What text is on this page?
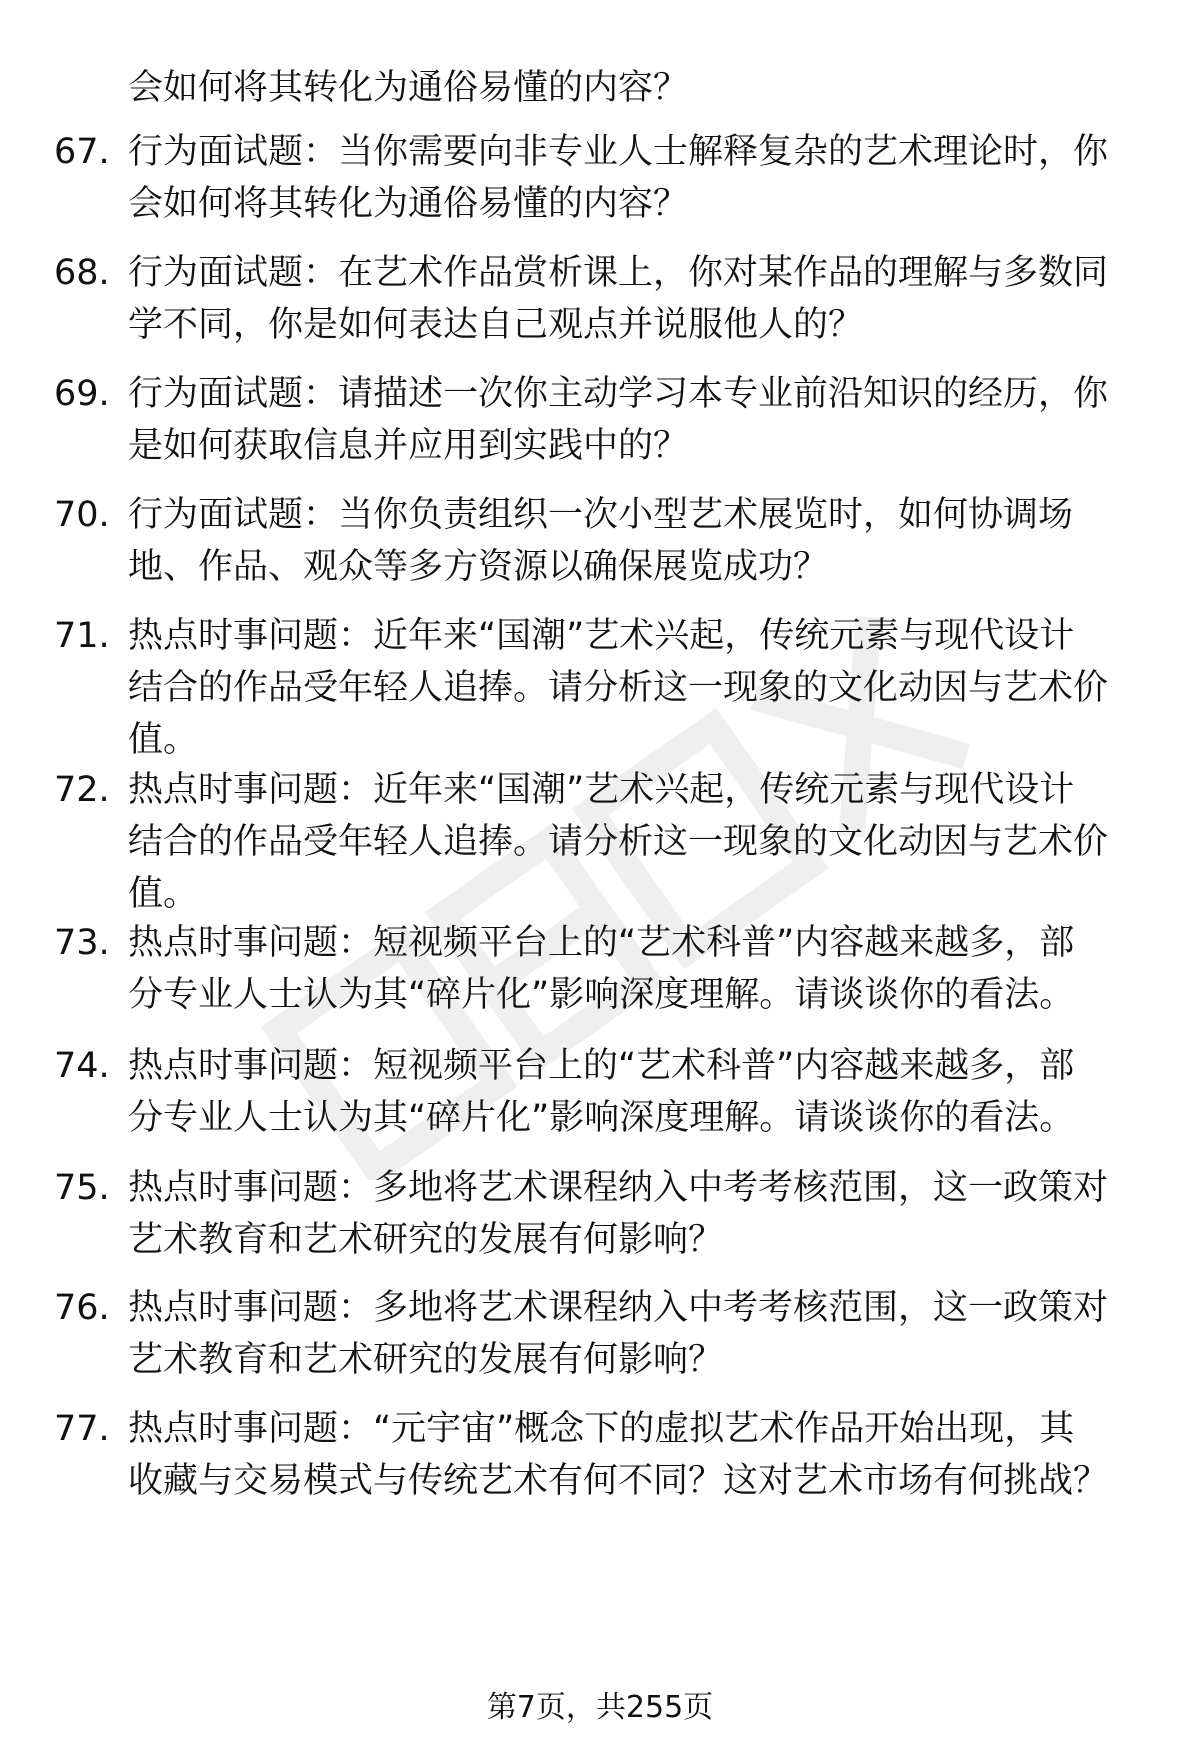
会如何将其转化为通俗易懂的内容？
67. 行为面试题：当你需要向非专业人士解释复杂的艺术理论时，你
会如何将其转化为通俗易懂的内容？
68. 行为面试题：在艺术作品赏析课上，你对某作品的理解与多数同
学不同，你是如何表达自己观点并说服他人的？
69. 行为面试题：请描述一次你主动学习本专业前沿知识的经历，你
是如何获取信息并应用到实践中的？
70. 行为面试题：当你负责组织一次小型艺术展览时，如何协调场
地、作品、观众等多方资源以确保展览成功？
71. 热点时事问题：近年来“国潮”艺术兴起，传统元素与现代设计
结合的作品受年轻人追捧。请分析这一现象的文化动因与艺术价
值。
72. 热点时事问题：近年来“国潮”艺术兴起，传统元素与现代设计
结合的作品受年轻人追捧。请分析这一现象的文化动因与艺术价
值。
73. 热点时事问题：短视频平台上的“艺术科普”内容越来越多，部
分专业人士认为其“碎片化”影响深度理解。请谈谈你的看法。
74. 热点时事问题：短视频平台上的“艺术科普”内容越来越多，部
分专业人士认为其“碎片化”影响深度理解。请谈谈你的看法。
75. 热点时事问题：多地将艺术课程纳入中考考核范围，这一政策对
艺术教育和艺术研究的发展有何影响？
76. 热点时事问题：多地将艺术课程纳入中考考核范围，这一政策对
艺术教育和艺术研究的发展有何影响？
77. 热点时事问题：“元宇宙”概念下的虚拟艺术作品开始出现，其
收藏与交易模式与传统艺术有何不同？这对艺术市场有何挑战？
第7页，共255页
